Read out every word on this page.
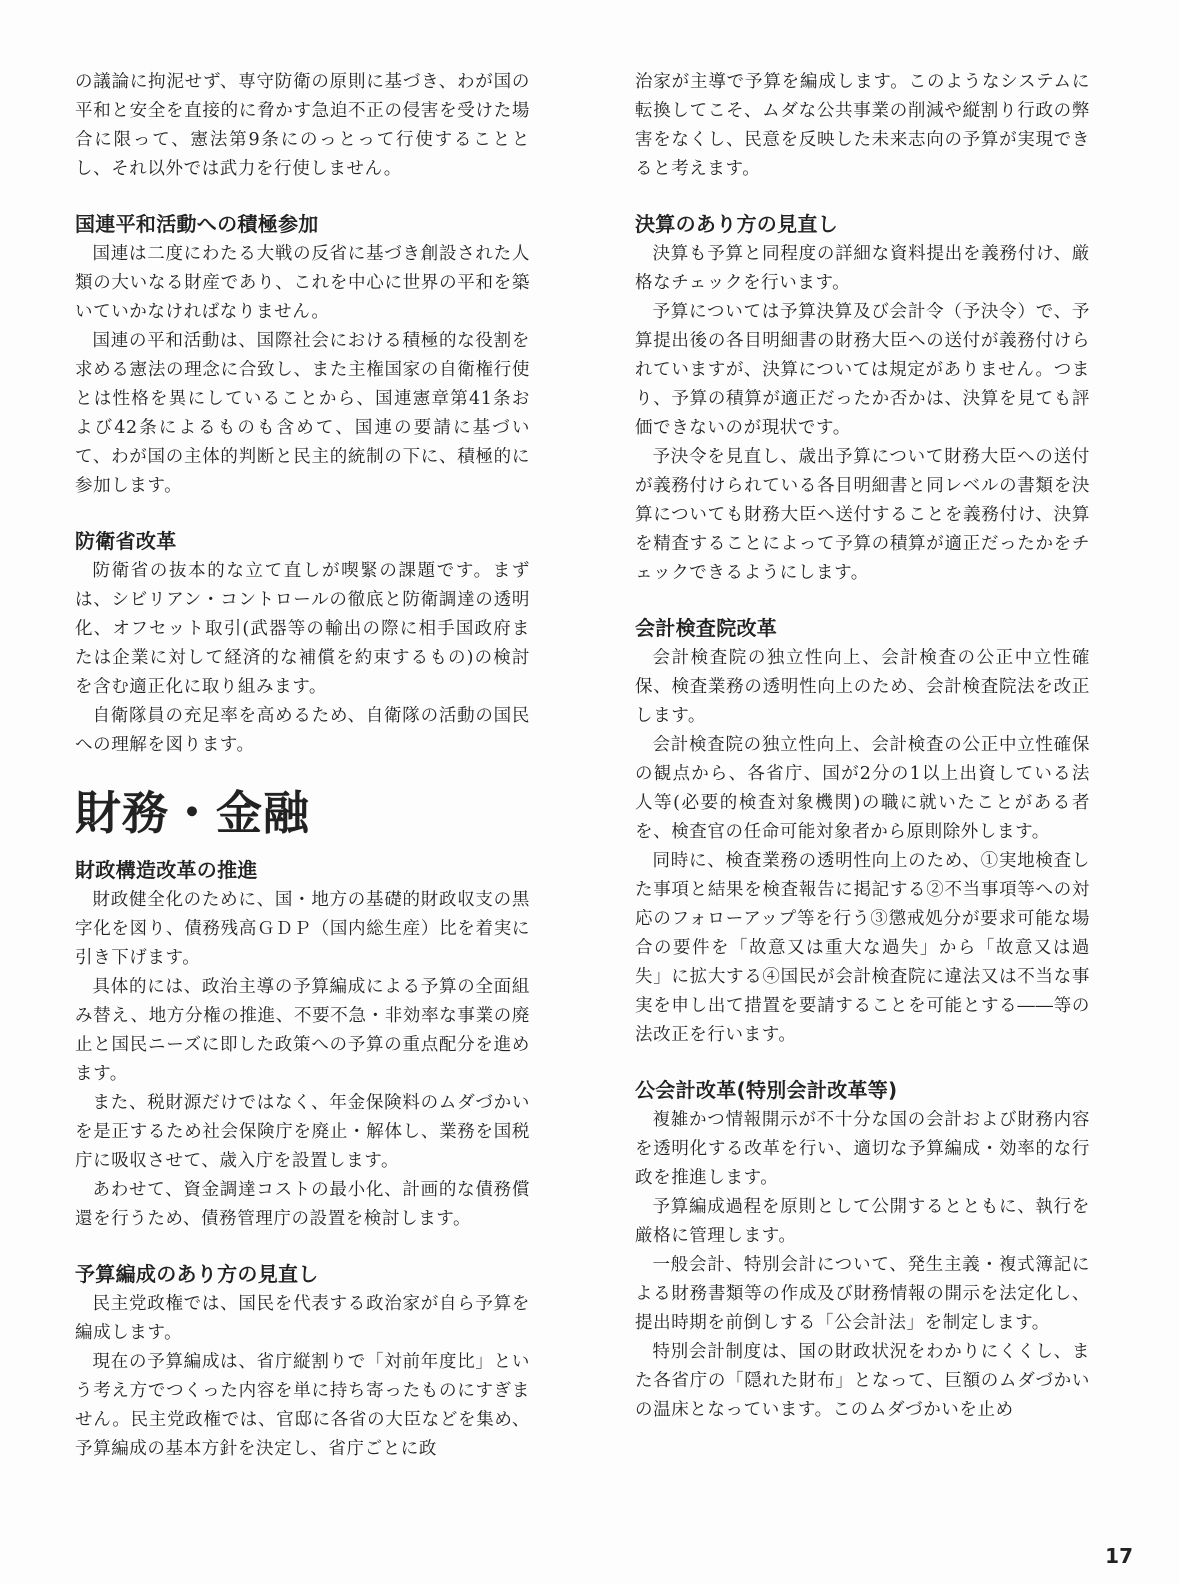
の議論に拘泥せず、専守防衛の原則に基づき、わが国の平和と安全を直接的に脅かす急迫不正の侵害を受けた場合に限って、憲法第9条にのっとって行使することとし、それ以外では武力を行使しません。

国連平和活動への積極参加

国連は二度にわたる大戦の反省に基づき創設された人類の大いなる財産であり、これを中心に世界の平和を築いていかなければなりません。

国連の平和活動は、国際社会における積極的な役割を求める憲法の理念に合致し、また主権国家の自衛権行使とは性格を異にしていることから、国連憲章第41条および42条によるものも含めて、国連の要請に基づいて、わが国の主体的判断と民主的統制の下に、積極的に参加します。

防衛省改革

防衛省の抜本的な立て直しが喫緊の課題です。まずは、シビリアン・コントロールの徹底と防衛調達の透明化、オフセット取引(武器等の輸出の際に相手国政府または企業に対して経済的な補償を約束するもの)の検討を含む適正化に取り組みます。

自衛隊員の充足率を高めるため、自衛隊の活動の国民への理解を図ります。

財務・金融
財政構造改革の推進

財政健全化のために、国・地方の基礎的財政収支の黒字化を図り、債務残高ＧＤＰ（国内総生産）比を着実に引き下げます。

具体的には、政治主導の予算編成による予算の全面組み替え、地方分権の推進、不要不急・非効率な事業の廃止と国民ニーズに即した政策への予算の重点配分を進めます。

また、税財源だけではなく、年金保険料のムダづかいを是正するため社会保険庁を廃止・解体し、業務を国税庁に吸収させて、歳入庁を設置します。

あわせて、資金調達コストの最小化、計画的な債務償還を行うため、債務管理庁の設置を検討します。

予算編成のあり方の見直し

民主党政権では、国民を代表する政治家が自ら予算を編成します。

現在の予算編成は、省庁縦割りで「対前年度比」という考え方でつくった内容を単に持ち寄ったものにすぎません。民主党政権では、官邸に各省の大臣などを集め、予算編成の基本方針を決定し、省庁ごとに政

治家が主導で予算を編成します。このようなシステムに転換してこそ、ムダな公共事業の削減や縦割り行政の弊害をなくし、民意を反映した未来志向の予算が実現できると考えます。

決算のあり方の見直し

決算も予算と同程度の詳細な資料提出を義務付け、厳格なチェックを行います。

予算については予算決算及び会計令（予決令）で、予算提出後の各目明細書の財務大臣への送付が義務付けられていますが、決算については規定がありません。つまり、予算の積算が適正だったか否かは、決算を見ても評価できないのが現状です。

予決令を見直し、歳出予算について財務大臣への送付が義務付けられている各目明細書と同レベルの書類を決算についても財務大臣へ送付することを義務付け、決算を精査することによって予算の積算が適正だったかをチェックできるようにします。

会計検査院改革

会計検査院の独立性向上、会計検査の公正中立性確保、検査業務の透明性向上のため、会計検査院法を改正します。

会計検査院の独立性向上、会計検査の公正中立性確保の観点から、各省庁、国が2分の1以上出資している法人等(必要的検査対象機関)の職に就いたことがある者を、検査官の任命可能対象者から原則除外します。

同時に、検査業務の透明性向上のため、①実地検査した事項と結果を検査報告に掲記する②不当事項等への対応のフォローアップ等を行う③懲戒処分が要求可能な場合の要件を「故意又は重大な過失」から「故意又は過失」に拡大する④国民が会計検査院に違法又は不当な事実を申し出て措置を要請することを可能とする――等の法改正を行います。

公会計改革(特別会計改革等)

複雑かつ情報開示が不十分な国の会計および財務内容を透明化する改革を行い、適切な予算編成・効率的な行政を推進します。

予算編成過程を原則として公開するとともに、執行を厳格に管理します。

一般会計、特別会計について、発生主義・複式簿記による財務書類等の作成及び財務情報の開示を法定化し、提出時期を前倒しする「公会計法」を制定します。

特別会計制度は、国の財政状況をわかりにくくし、また各省庁の「隠れた財布」となって、巨額のムダづかいの温床となっています。このムダづかいを止め

17
